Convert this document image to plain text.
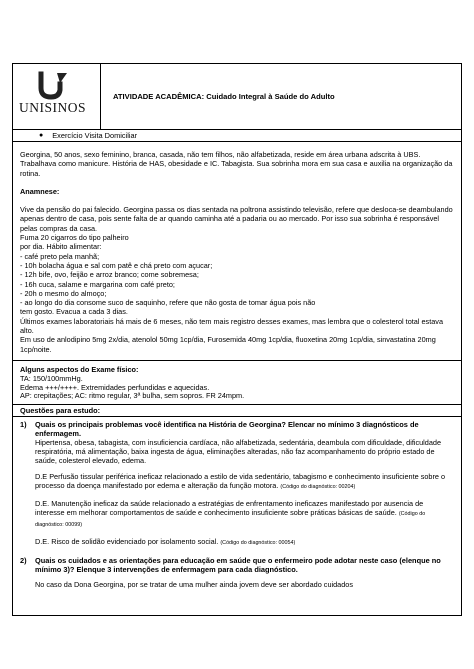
UNISINOS
ATIVIDADE ACADÊMICA: Cuidado Integral à Saúde do Adulto
● Exercício Visita Domiciliar

Georgina, 50 anos, sexo feminino, branca, casada, não tem filhos, não alfabetizada, reside em área urbana adscrita à UBS. Trabalhava como manicure. História de HAS, obesidade e IC. Tabagista. Sua sobrinha mora em sua casa e auxilia na organização da rotina.

Anamnese:

Vive da pensão do pai falecido. Georgina passa os dias sentada na poltrona assistindo televisão, refere que desloca-se deambulando apenas dentro de casa, pois sente falta de ar quando caminha até a padaria ou ao mercado. Por isso sua sobrinha é responsável pelas compras da casa.

Fuma 20 cigarros do tipo palheiro

por dia. Hábito alimentar:

- café preto pela manhã;

- 10h bolacha água e sal com patê e chá preto com açucar;

- 12h bife, ovo, feijão e arroz branco; come sobremesa;

- 16h cuca, salame e margarina com café preto;

- 20h o mesmo do almoço;

- ao longo do dia consome suco de saquinho, refere que não gosta de tomar água pois não

tem gosto. Evacua a cada 3 dias.

Últimos exames laboratoriais há mais de 6 meses, não tem mais registro desses exames, mas lembra que o colesterol total estava alto.

Em uso de anlodipino 5mg 2x/dia, atenolol 50mg 1cp/dia, Furosemida 40mg 1cp/dia, fluoxetina 20mg 1cp/dia, sinvastatina 20mg 1cp/noite.

Alguns aspectos do Exame físico:

TA: 150/100mmHg.

Edema +++/++++. Extremidades perfundidas e aquecidas.

AP: crepitações; AC: ritmo regular, 3ª bulha, sem sopros. FR 24mpm.

Questões para estudo:
1)	Quais os principais problemas você identifica na História de Georgina? Elencar no mínimo 3 diagnósticos de enfermagem.

Hipertensa, obesa, tabagista, com insuficiencia cardíaca, não alfabetizada, sedentária, deambula com dificuldade, dificuldade respiratória, má alimentação, baixa ingesta de água, eliminações alteradas, não faz acompanhamento do próprio estado de saúde, colesterol elevado, edema.

D.E Perfusão tissular periférica ineficaz relacionado a estilo de vida sedentário, tabagismo e conhecimento insuficiente sobre o processo da doença manifestado por edema e alteração da função motora. (Código do diagnóstico: 00204)

D.E. Manutenção ineficaz da saúde relacionado a estratégias de enfrentamento ineficazes manifestado por ausencia de interesse em melhorar comportamentos de saúde e conhecimento insuficiente sobre práticas básicas de saúde. (Código do diagnóstico: 00099)

D.E. Risco de solidão evidenciado por isolamento social. (Código do diagnóstico: 00054)

2)	Quais os cuidados e as orientações para educação em saúde que o enfermeiro pode adotar neste caso (elenque no mínimo 3)? Elenque 3 intervenções de enfermagem para cada diagnóstico.

No caso da Dona Georgina, por se tratar de uma mulher ainda jovem deve ser abordado cuidados
